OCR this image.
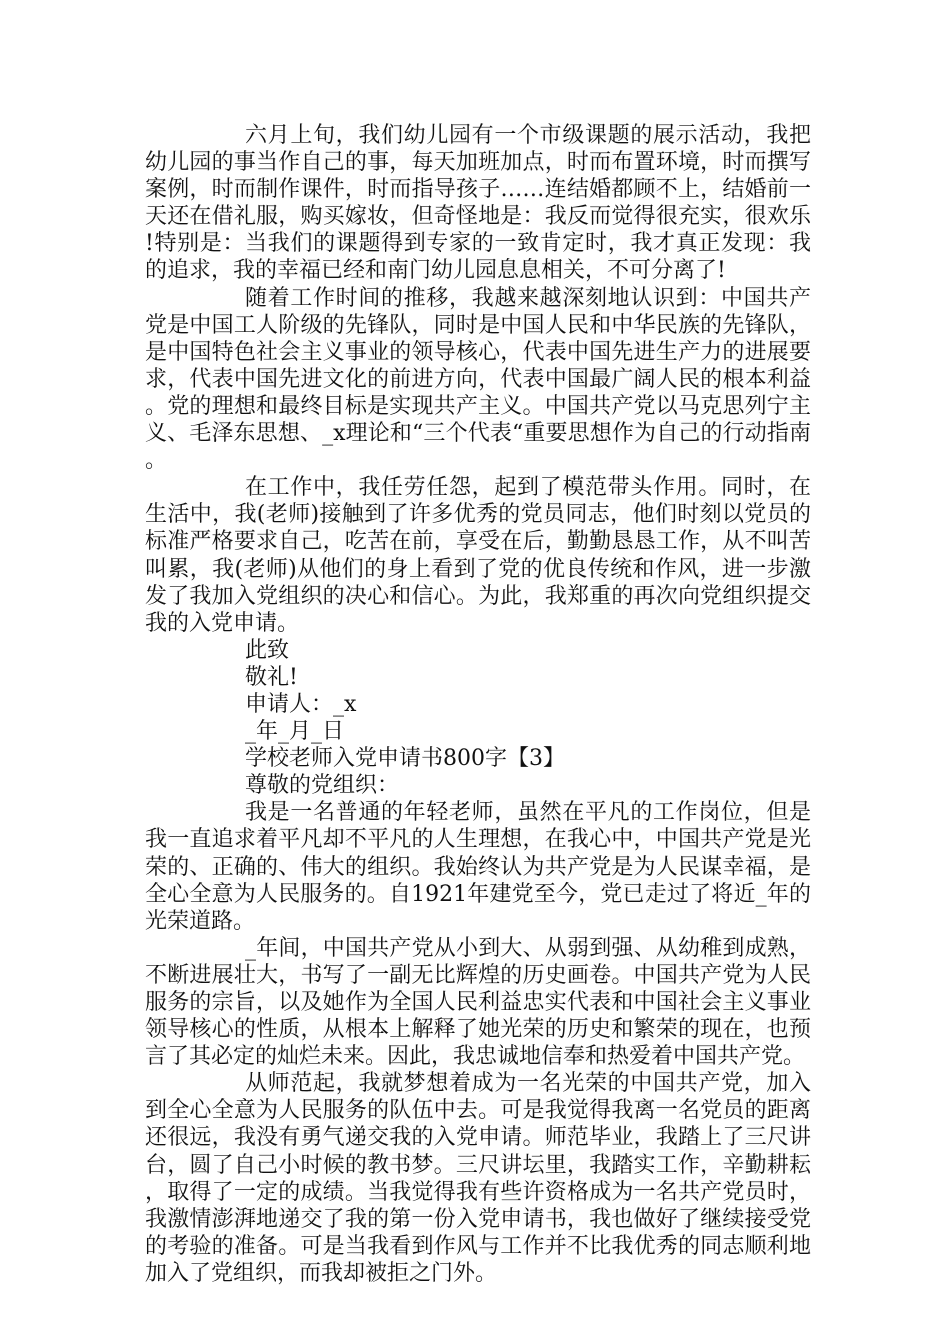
六月上旬，我们幼儿园有一个市级课题的展示活动，我把幼儿园的事当作自己的事，每天加班加点，时而布置环境，时而撰写案例，时而制作课件，时而指导孩子……连结婚都顾不上，结婚前一天还在借礼服，购买嫁妆，但奇怪地是：我反而觉得很充实，很欢乐!特别是：当我们的课题得到专家的一致肯定时，我才真正发现：我的追求，我的幸福已经和南门幼儿园息息相关，不可分离了!

随着工作时间的推移，我越来越深刻地认识到：中国共产党是中国工人阶级的先锋队，同时是中国人民和中华民族的先锋队，是中国特色社会主义事业的领导核心，代表中国先进生产力的进展要求，代表中国先进文化的前进方向，代表中国最广阔人民的根本利益。党的理想和最终目标是实现共产主义。中国共产党以马克思列宁主义、毛泽东思想、_x理论和“三个代表“重要思想作为自己的行动指南。

在工作中，我任劳任怨，起到了模范带头作用。同时，在生活中，我(老师)接触到了许多优秀的党员同志，他们时刻以党员的标准严格要求自己，吃苦在前，享受在后，勤勤恳恳工作，从不叫苦叫累，我(老师)从他们的身上看到了党的优良传统和作风，进一步激发了我加入党组织的决心和信心。为此，我郑重的再次向党组织提交我的入党申请。

此致

敬礼!

申请人：_x

_年_月_日

学校老师入党申请书800字【3】

尊敬的党组织：

我是一名普通的年轻老师，虽然在平凡的工作岗位，但是我一直追求着平凡却不平凡的人生理想，在我心中，中国共产党是光荣的、正确的、伟大的组织。我始终认为共产党是为人民谋幸福，是全心全意为人民服务的。自1921年建党至今，党已走过了将近_年的光荣道路。

_年间，中国共产党从小到大、从弱到强、从幼稚到成熟，不断进展壮大，书写了一副无比辉煌的历史画卷。中国共产党为人民服务的宗旨，以及她作为全国人民利益忠实代表和中国社会主义事业领导核心的性质，从根本上解释了她光荣的历史和繁荣的现在，也预言了其必定的灿烂未来。因此，我忠诚地信奉和热爱着中国共产党。

从师范起，我就梦想着成为一名光荣的中国共产党，加入到全心全意为人民服务的队伍中去。可是我觉得我离一名党员的距离还很远，我没有勇气递交我的入党申请。师范毕业，我踏上了三尺讲台，圆了自己小时候的教书梦。三尺讲坛里，我踏实工作，辛勤耕耘，取得了一定的成绩。当我觉得我有些许资格成为一名共产党员时，我激情澎湃地递交了我的第一份入党申请书，我也做好了继续接受党的考验的准备。可是当我看到作风与工作并不比我优秀的同志顺利地加入了党组织，而我却被拒之门外。
